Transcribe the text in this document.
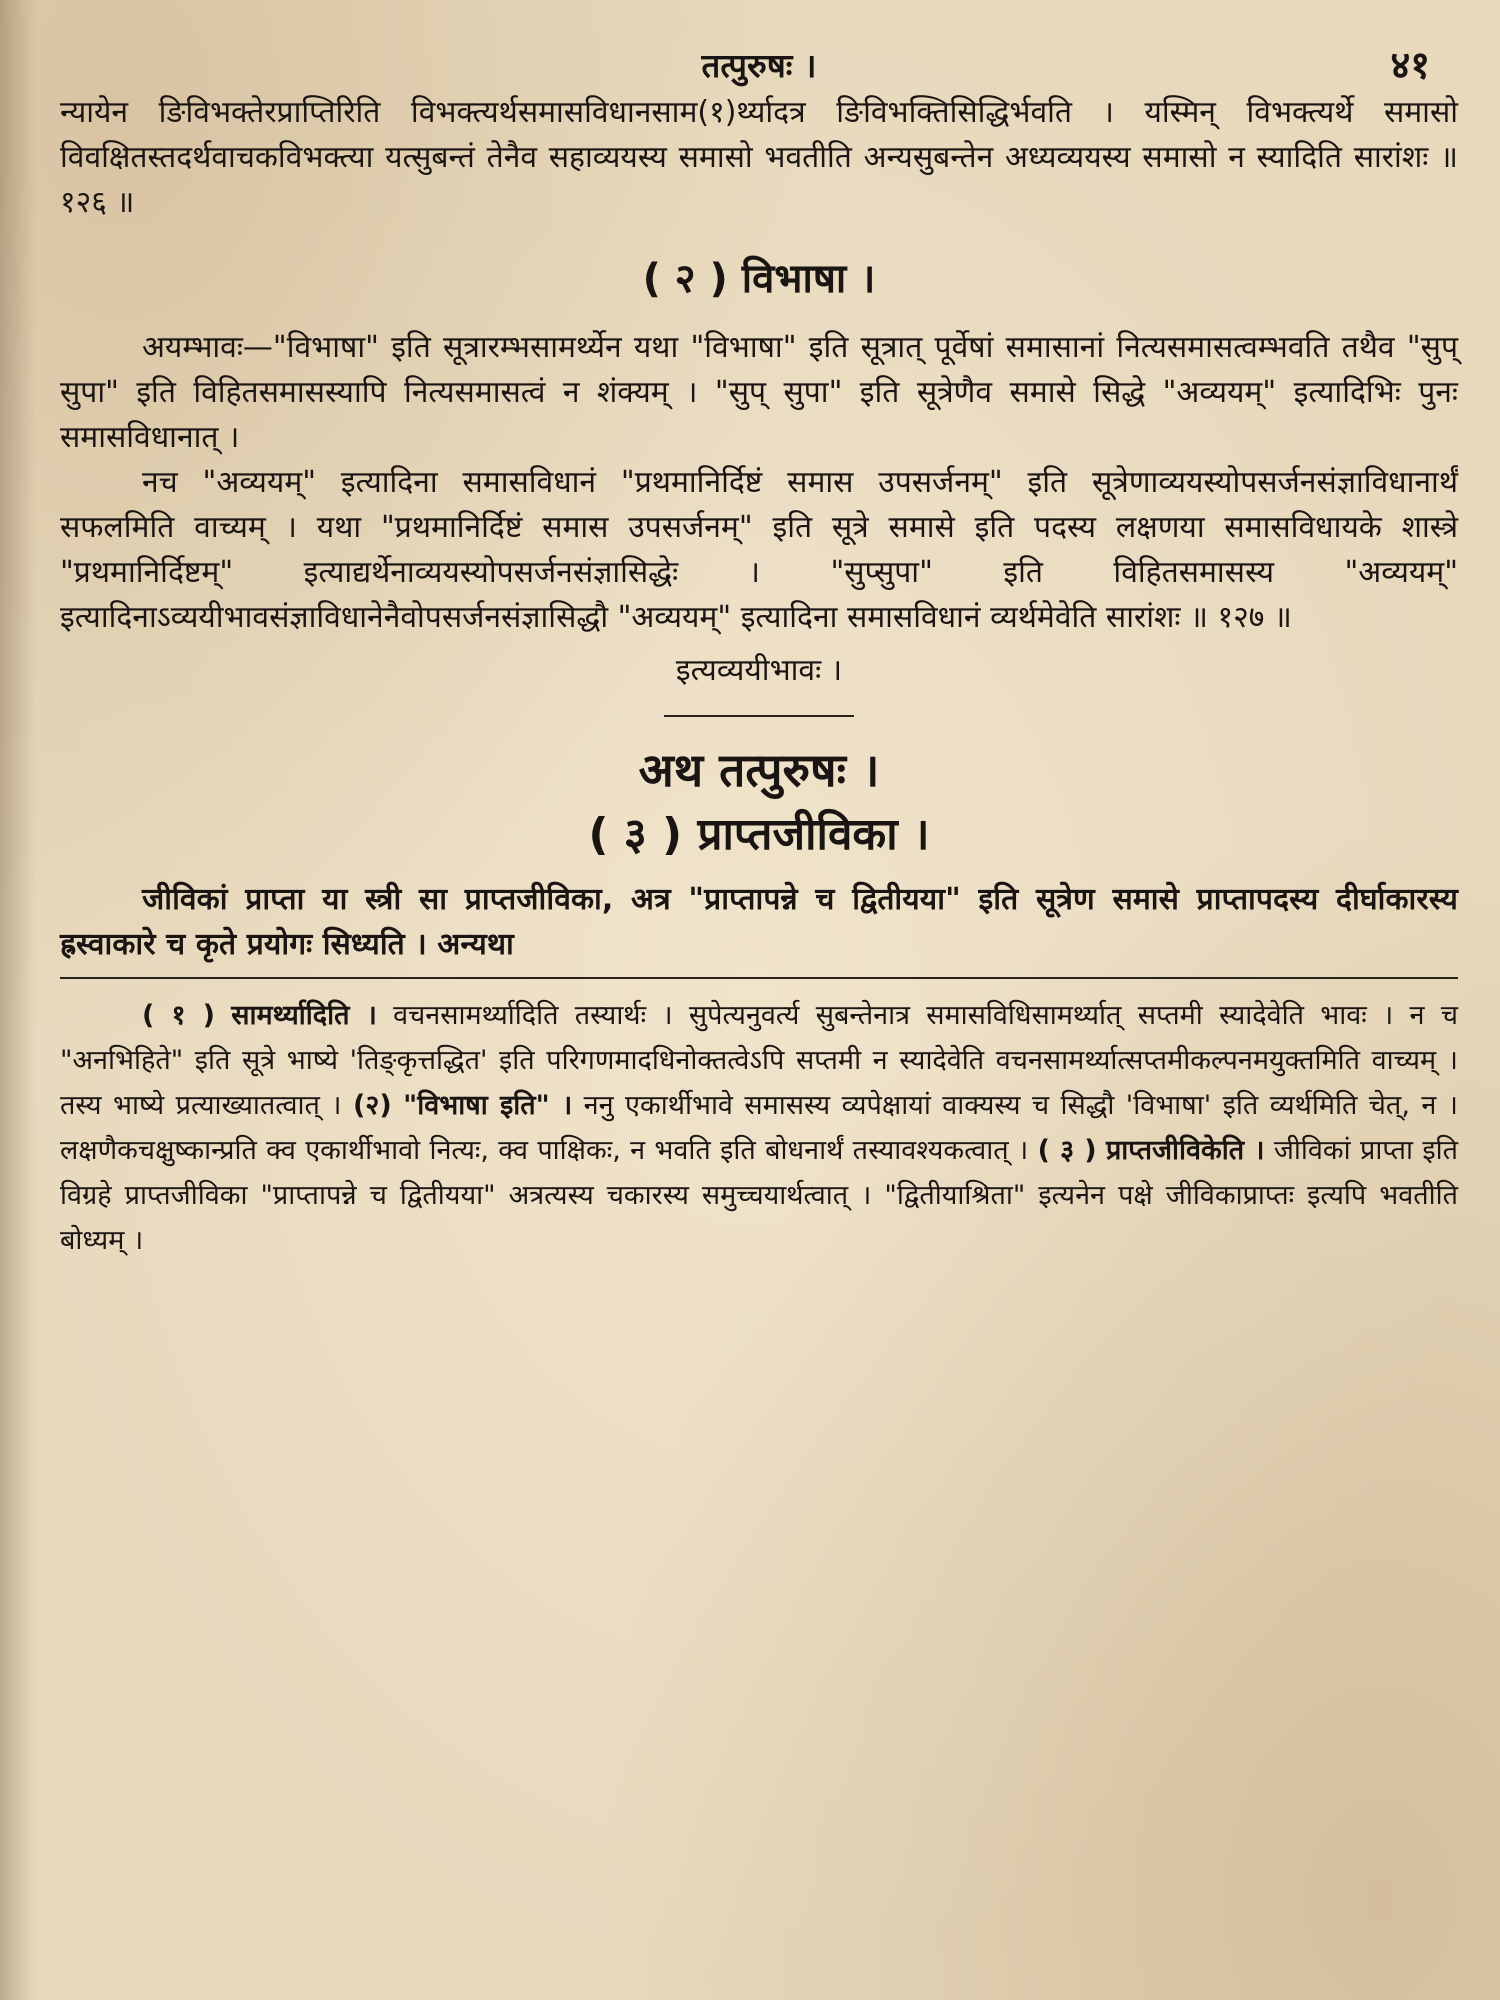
तत्पुरुषः ।	४१

न्यायेन ङिविभक्तेरप्राप्तिरिति विभक्त्यर्थसमासविधानसाम(१)र्थ्यादत्र ङिविभक्तिसिद्धिर्भवति । यस्मिन् विभक्त्यर्थे समासो विवक्षितस्तदर्थवाचकविभक्त्या यत्सुबन्तं तेनैव सहाव्ययस्य समासो भवतीति अन्यसुबन्तेन अध्यव्ययस्य समासो न स्यादिति सारांशः ॥ १२६ ॥

( २ ) विभाषा ।

अयम्भावः—"विभाषा" इति सूत्रारम्भसामर्थ्येन यथा "विभाषा" इति सूत्रात् पूर्वेषां समासानां नित्यसमासत्वम्भवति तथैव "सुप् सुपा" इति विहितसमासस्यापि नित्यसमासत्वं न शंक्यम् । "सुप् सुपा" इति सूत्रेणैव समासे सिद्धे "अव्ययम्" इत्यादिभिः पुनः समासविधानात् ।

नच "अव्ययम्" इत्यादिना समासविधानं "प्रथमानिर्दिष्टं समास उपसर्जनम्" इति सूत्रेणाव्ययस्योपसर्जनसंज्ञाविधानार्थं सफलमिति वाच्यम् । यथा "प्रथमानिर्दिष्टं समास उपसर्जनम्" इति सूत्रे समासे इति पदस्य लक्षणया समासविधायके शास्त्रे "प्रथमानिर्दिष्टम्" इत्याद्यर्थेनाव्ययस्योपसर्जनसंज्ञासिद्धेः । "सुप्सुपा" इति विहितसमासस्य "अव्ययम्" इत्यादिनाऽव्ययीभावसंज्ञाविधानेनैवोपसर्जनसंज्ञासिद्धौ "अव्ययम्" इत्यादिना समासविधानं व्यर्थमेवेति सारांशः ॥ १२७ ॥

इत्यव्ययीभावः ।

अथ तत्पुरुषः ।
( ३ ) प्राप्तजीविका ।

जीविकां प्राप्ता या स्त्री सा प्राप्तजीविका, अत्र "प्राप्तापन्ने च द्वितीयया" इति सूत्रेण समासे प्राप्तापदस्य दीर्घाकारस्य ह्रस्वाकारे च कृते प्रयोगः सिध्यति । अन्यथा

( १ ) सामर्थ्यादिति । वचनसामर्थ्यादिति तस्यार्थः । सुपेत्यनुवर्त्य सुबन्तेनात्र समासविधिसामर्थ्यात् सप्तमी स्यादेवेति भावः । न च "अनभिहिते" इति सूत्रे भाष्ये 'तिङ्कृत्तद्धित' इति परिगणमादधिनोक्तत्वेऽपि सप्तमी न स्यादेवेति वचनसामर्थ्यात्सप्तमीकल्पनमयुक्तमिति वाच्यम् । तस्य भाष्ये प्रत्याख्यातत्वात् । (२) "विभाषा इति" । ननु एकार्थीभावे समासस्य व्यपेक्षायां वाक्यस्य च सिद्धौ 'विभाषा' इति व्यर्थमिति चेत्, न । लक्षणैकचक्षुष्कान्प्रति क्व एकार्थीभावो नित्यः, क्व पाक्षिकः, न भवति इति बोधनार्थं तस्यावश्यकत्वात् । ( ३ ) प्राप्तजीविकेति । जीविकां प्राप्ता इति विग्रहे प्राप्तजीविका "प्राप्तापन्ने च द्वितीयया" अत्रत्यस्य चकारस्य समुच्चयार्थत्वात् । "द्वितीयाश्रिता" इत्यनेन पक्षे जीविकाप्राप्तः इत्यपि भवतीति बोध्यम् ।
